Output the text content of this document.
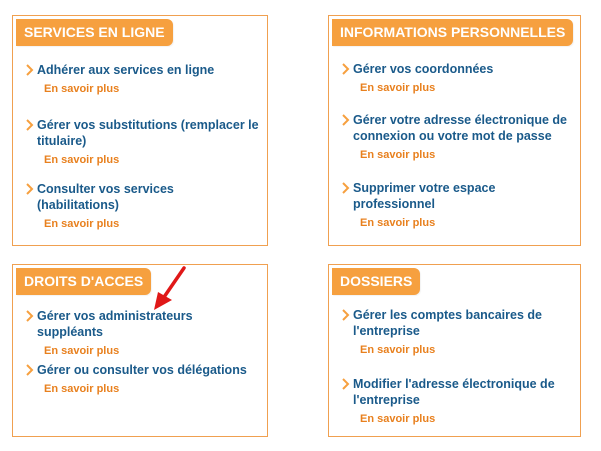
SERVICES EN LIGNE
Adhérer aux services en ligne
En savoir plus
Gérer vos substitutions (remplacer le titulaire)
En savoir plus
Consulter vos services (habilitations)
En savoir plus
INFORMATIONS PERSONNELLES
Gérer vos coordonnées
En savoir plus
Gérer votre adresse électronique de connexion ou votre mot de passe
En savoir plus
Supprimer votre espace professionnel
En savoir plus
DROITS D'ACCES
Gérer vos administrateurs suppléants
En savoir plus
Gérer ou consulter vos délégations
En savoir plus
DOSSIERS
Gérer les comptes bancaires de l'entreprise
En savoir plus
Modifier l'adresse électronique de l'entreprise
En savoir plus
